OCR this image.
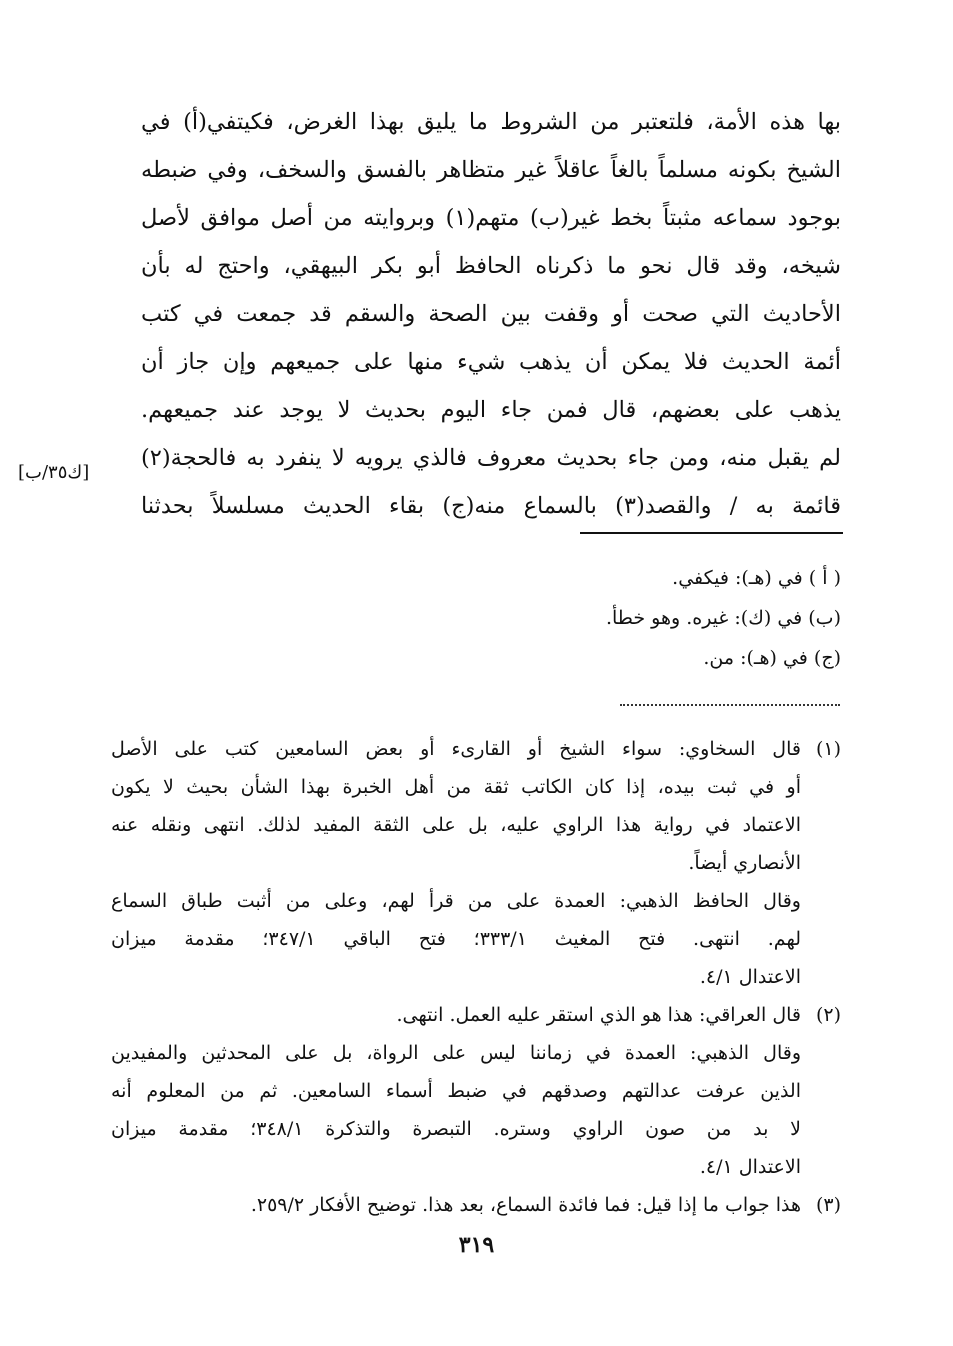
بها هذه الأمة، فلتعتبر من الشروط ما يليق بهذا الغرض، فكيتفي(أ) في
الشيخ بكونه مسلماً بالغاً عاقلاً غير متظاهر بالفسق والسخف، وفي ضبطه
بوجود سماعه مثبتاً بخط غير(ب) متهم(١) وبروايته من أصل موافق لأصل
شيخه، وقد قال نحو ما ذكرناه الحافظ أبو بكر البيهقي، واحتج له بأن
الأحاديث التي صحت أو وقفت بين الصحة والسقم قد جمعت في كتب
أئمة الحديث فلا يمكن أن يذهب شيء منها على جميعهم وإن جاز أن
يذهب على بعضهم، قال فمن جاء اليوم بحديث لا يوجد عند جميعهم.
لم يقبل منه، ومن جاء بحديث معروف فالذي يرويه لا ينفرد به فالحجة(٢)
قائمة به / والقصد(٣) بالسماع منه(ج) بقاء الحديث مسلسلاً بحدثنا
[ك٣٥/ب]
( أ ) في (هـ): فيكفي.
(ب) في (ك): غيره. وهو خطأ.
(ج) في (هـ): من.
(١)
قال السخاوي: سواء الشيخ أو القارىء أو بعض السامعين كتب على الأصل
أو في ثبت بيده، إذا كان الكاتب ثقة من أهل الخبرة بهذا الشأن بحيث لا يكون
الاعتماد في رواية هذا الراوي عليه، بل على الثقة المفيد لذلك. انتهى ونقله عنه
الأنصاري أيضاً.
وقال الحافظ الذهبي: العمدة على من قرأ لهم، وعلى من أثبت طباق السماع
لهم. انتهى. فتح المغيث ٣٣٣/١؛ فتح الباقي ٣٤٧/١؛ مقدمة ميزان
الاعتدال ٤/١.
(٢)
قال العراقي: هذا هو الذي استقر عليه العمل. انتهى.
وقال الذهبي: العمدة في زماننا ليس على الرواة، بل على المحدثين والمفيدين
الذين عرفت عدالتهم وصدقهم في ضبط أسماء السامعين. ثم من المعلوم أنه
لا بد من صون الراوي وستره. التبصرة والتذكرة ٣٤٨/١؛ مقدمة ميزان
الاعتدال ٤/١.
(٣)
هذا جواب ما إذا قيل: فما فائدة السماع، بعد هذا. توضيح الأفكار ٢٥٩/٢.
٣١٩
